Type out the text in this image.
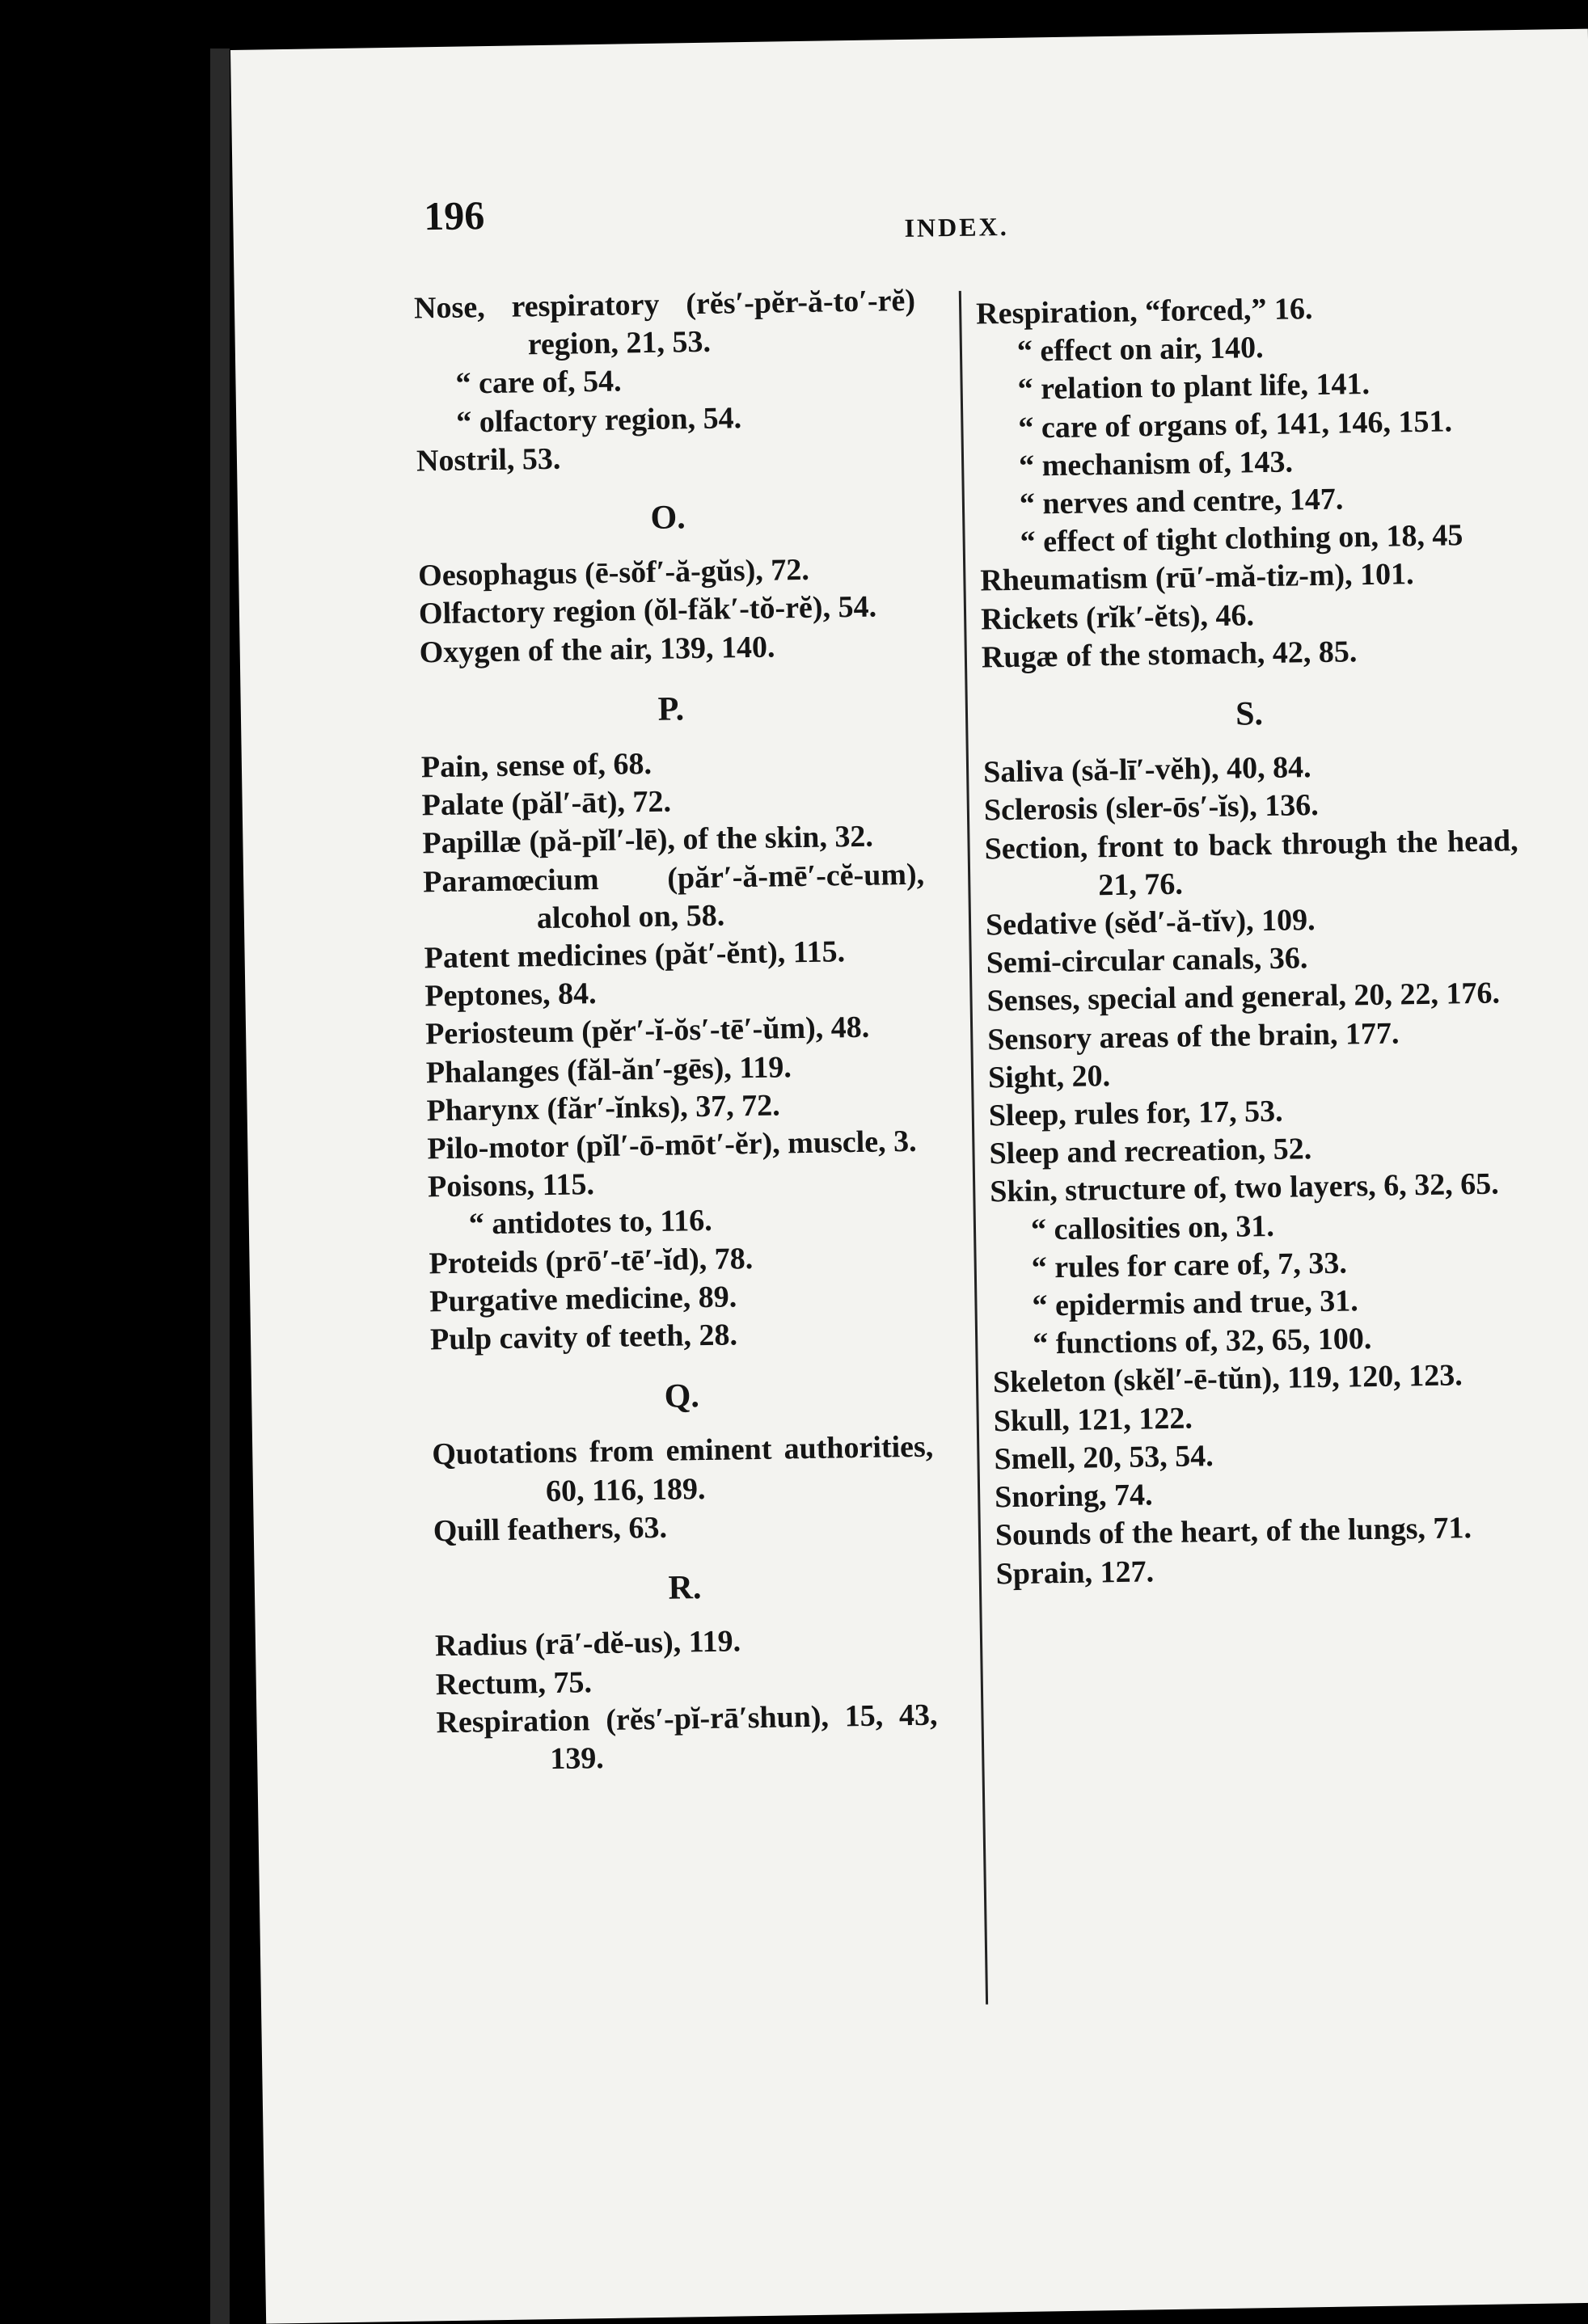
196	INDEX.
Nose, respiratory (rĕs′-pĕr-ă-to′-rĕ) region, 21, 53.
“ care of, 54.
“ olfactory region, 54.
Nostril, 53.
O.
Oesophagus (ē-sŏf′-ă-gŭs), 72.
Olfactory region (ŏl-făk′-tŏ-rĕ), 54.
Oxygen of the air, 139, 140.
P.
Pain, sense of, 68.
Palate (păl′-āt), 72.
Papillæ (pă-pĭl′-lē), of the skin, 32.
Paramœcium (păr′-ă-mē′-cĕ-um), alcohol on, 58.
Patent medicines (păt′-ĕnt), 115.
Peptones, 84.
Periosteum (pĕr′-ĭ-ŏs′-tē′-ŭm), 48.
Phalanges (făl-ăn′-gēs), 119.
Pharynx (făr′-ĭnks), 37, 72.
Pilo-motor (pĭl′-ō-mōt′-ĕr), muscle, 3.
Poisons, 115.
“ antidotes to, 116.
Proteids (prō′-tē′-ĭd), 78.
Purgative medicine, 89.
Pulp cavity of teeth, 28.
Q.
Quotations from eminent authorities, 60, 116, 189.
Quill feathers, 63.
R.
Radius (rā′-dĕ-us), 119.
Rectum, 75.
Respiration (rĕs′-pĭ-rā′shun), 15, 43, 139.
Respiration, “forced,” 16.
“ effect on air, 140.
“ relation to plant life, 141.
“ care of organs of, 141, 146, 151.
“ mechanism of, 143.
“ nerves and centre, 147.
“ effect of tight clothing on, 18, 45
Rheumatism (rū′-mă-tiz-m), 101.
Rickets (rĭk′-ĕts), 46.
Rugæ of the stomach, 42, 85.
S.
Saliva (să-lī′-vĕh), 40, 84.
Sclerosis (sler-ōs′-ĭs), 136.
Section, front to back through the head, 21, 76.
Sedative (sĕd′-ă-tĭv), 109.
Semi-circular canals, 36.
Senses, special and general, 20, 22, 176.
Sensory areas of the brain, 177.
Sight, 20.
Sleep, rules for, 17, 53.
Sleep and recreation, 52.
Skin, structure of, two layers, 6, 32, 65.
“ callosities on, 31.
“ rules for care of, 7, 33.
“ epidermis and true, 31.
“ functions of, 32, 65, 100.
Skeleton (skĕl′-ē-tŭn), 119, 120, 123.
Skull, 121, 122.
Smell, 20, 53, 54.
Snoring, 74.
Sounds of the heart, of the lungs, 71.
Sprain, 127.
